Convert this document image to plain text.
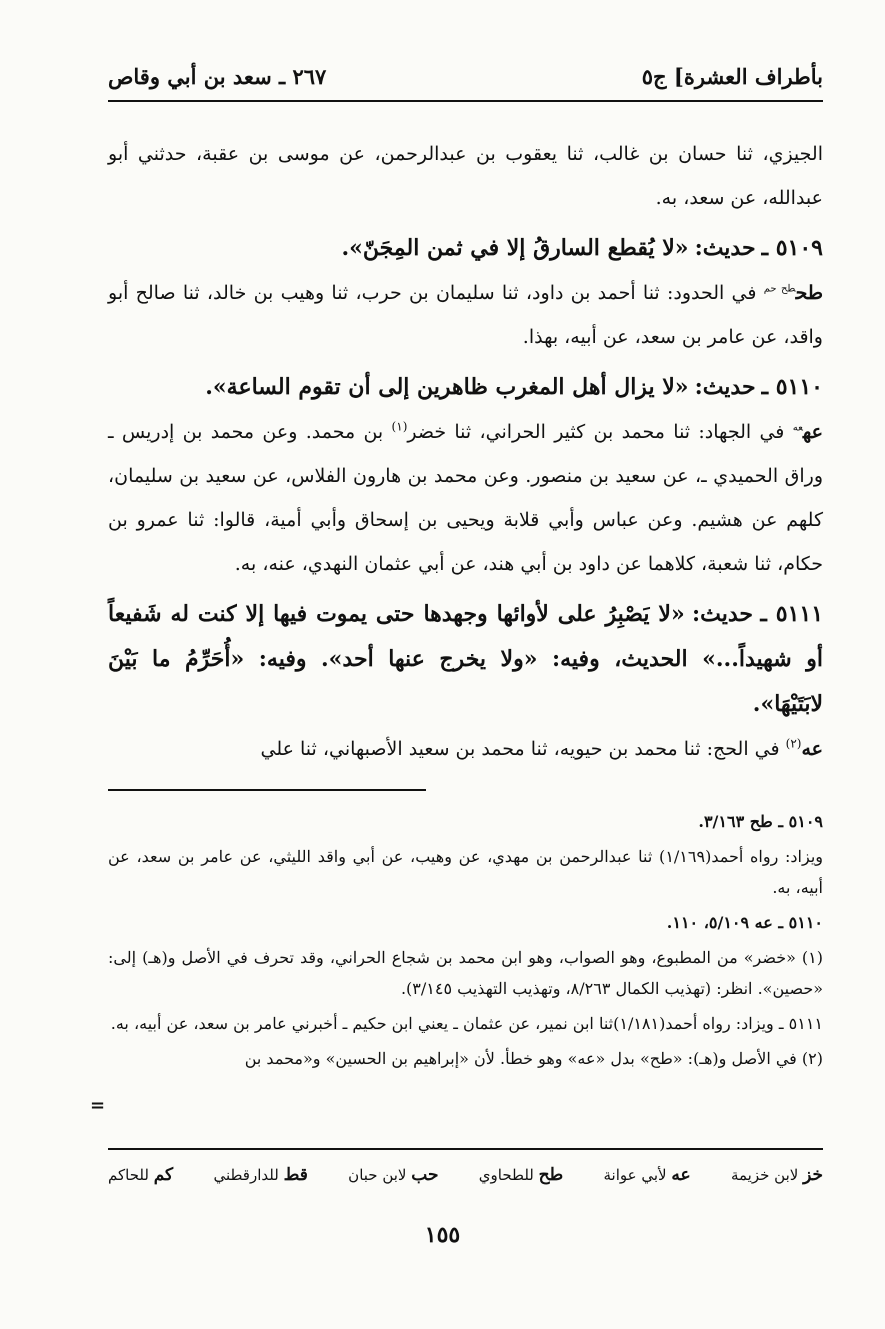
بأطراف العشرة] ج٥
٢٦٧ ـ سعد بن أبي وقاص

الجيزي، ثنا حسان بن غالب، ثنا يعقوب بن عبدالرحمن، عن موسى بن عقبة، حدثني أبو عبدالله، عن سعد، به.

٥١٠٩ ـ حديث: «لا يُقطع السارقُ إلا في ثمن المِجَنّ».

طح$^{طح حم}$ في الحدود: ثنا أحمد بن داود، ثنا سليمان بن حرب، ثنا وهيب بن خالد، ثنا صالح أبو واقد، عن عامر بن سعد، عن أبيه، بهذا.

٥١١٠ ـ حديث: «لا يزال أهل المغرب ظاهرين إلى أن تقوم الساعة».

عه$^{عه}$ في الجهاد: ثنا محمد بن كثير الحراني، ثنا خضر$^{(١)}$ بن محمد. وعن محمد بن إدريس ـ وراق الحميدي ـ، عن سعيد بن منصور. وعن محمد بن هارون الفلاس، عن سعيد بن سليمان، كلهم عن هشيم. وعن عباس وأبي قلابة ويحيى بن إسحاق وأبي أمية، قالوا: ثنا عمرو بن حكام، ثنا شعبة، كلاهما عن داود بن أبي هند، عن أبي عثمان النهدي، عنه، به.

٥١١١ ـ حديث: «لا يَصْبِرُ على لأوائها وجهدها حتى يموت فيها إلا كنت له شَفيعاً أو شهيداً...» الحديث، وفيه: «ولا يخرج عنها أحد». وفيه: «أُحَرِّمُ ما بَيْنَ لابَتَيْهَا».

عه$^{(٢)}$ في الحج: ثنا محمد بن حيويه، ثنا محمد بن سعيد الأصبهاني، ثنا علي

٥١٠٩ ـ طح ٣/١٦٣.

ويزاد: رواه أحمد(١/١٦٩) ثنا عبدالرحمن بن مهدي، عن وهيب، عن أبي واقد الليثي، عن عامر بن سعد، عن أبيه، به.

٥١١٠ ـ عه ٥/١٠٩، ١١٠.

(١) «خضر» من المطبوع، وهو الصواب، وهو ابن محمد بن شجاع الحراني، وقد تحرف في الأصل و(هـ) إلى: «حصين». انظر: (تهذيب الكمال ٨/٢٦٣، وتهذيب التهذيب ٣/١٤٥).

٥١١١ ـ ويزاد: رواه أحمد(١/١٨١)ثنا ابن نمير، عن عثمان ـ يعني ابن حكيم ـ أخبرني عامر بن سعد، عن أبيه، به.

(٢) في الأصل و(هـ): «طح» بدل «عه» وهو خطأ. لأن «إبراهيم بن الحسين» و«محمد بن

=
خز لابن خزيمة
عه لأبي عوانة
طح للطحاوي
حب لابن حبان
قط للدارقطني
كم للحاكم
١٥٥
